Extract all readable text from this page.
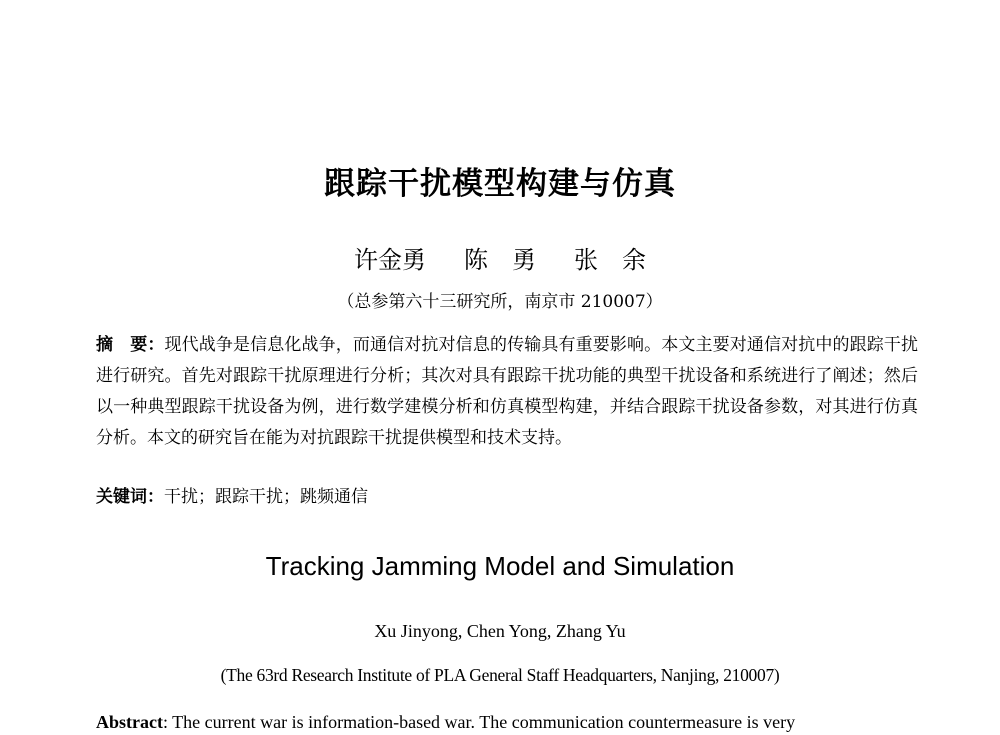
跟踪干扰模型构建与仿真
许金勇 陈　勇 张　余
（总参第六十三研究所，南京市 210007）

摘　要：现代战争是信息化战争，而通信对抗对信息的传输具有重要影响。本文主要对通信对抗中的跟踪干扰进行研究。首先对跟踪干扰原理进行分析；其次对具有跟踪干扰功能的典型干扰设备和系统进行了阐述；然后以一种典型跟踪干扰设备为例，进行数学建模分析和仿真模型构建，并结合跟踪干扰设备参数，对其进行仿真分析。本文的研究旨在能为对抗跟踪干扰提供模型和技术支持。

关键词：干扰；跟踪干扰；跳频通信

Tracking Jamming Model and Simulation
Xu Jinyong, Chen Yong, Zhang Yu
(The 63rd Research Institute of PLA General Staff Headquarters, Nanjing, 210007)

Abstract: The current war is information-based war. The communication countermeasure is very
